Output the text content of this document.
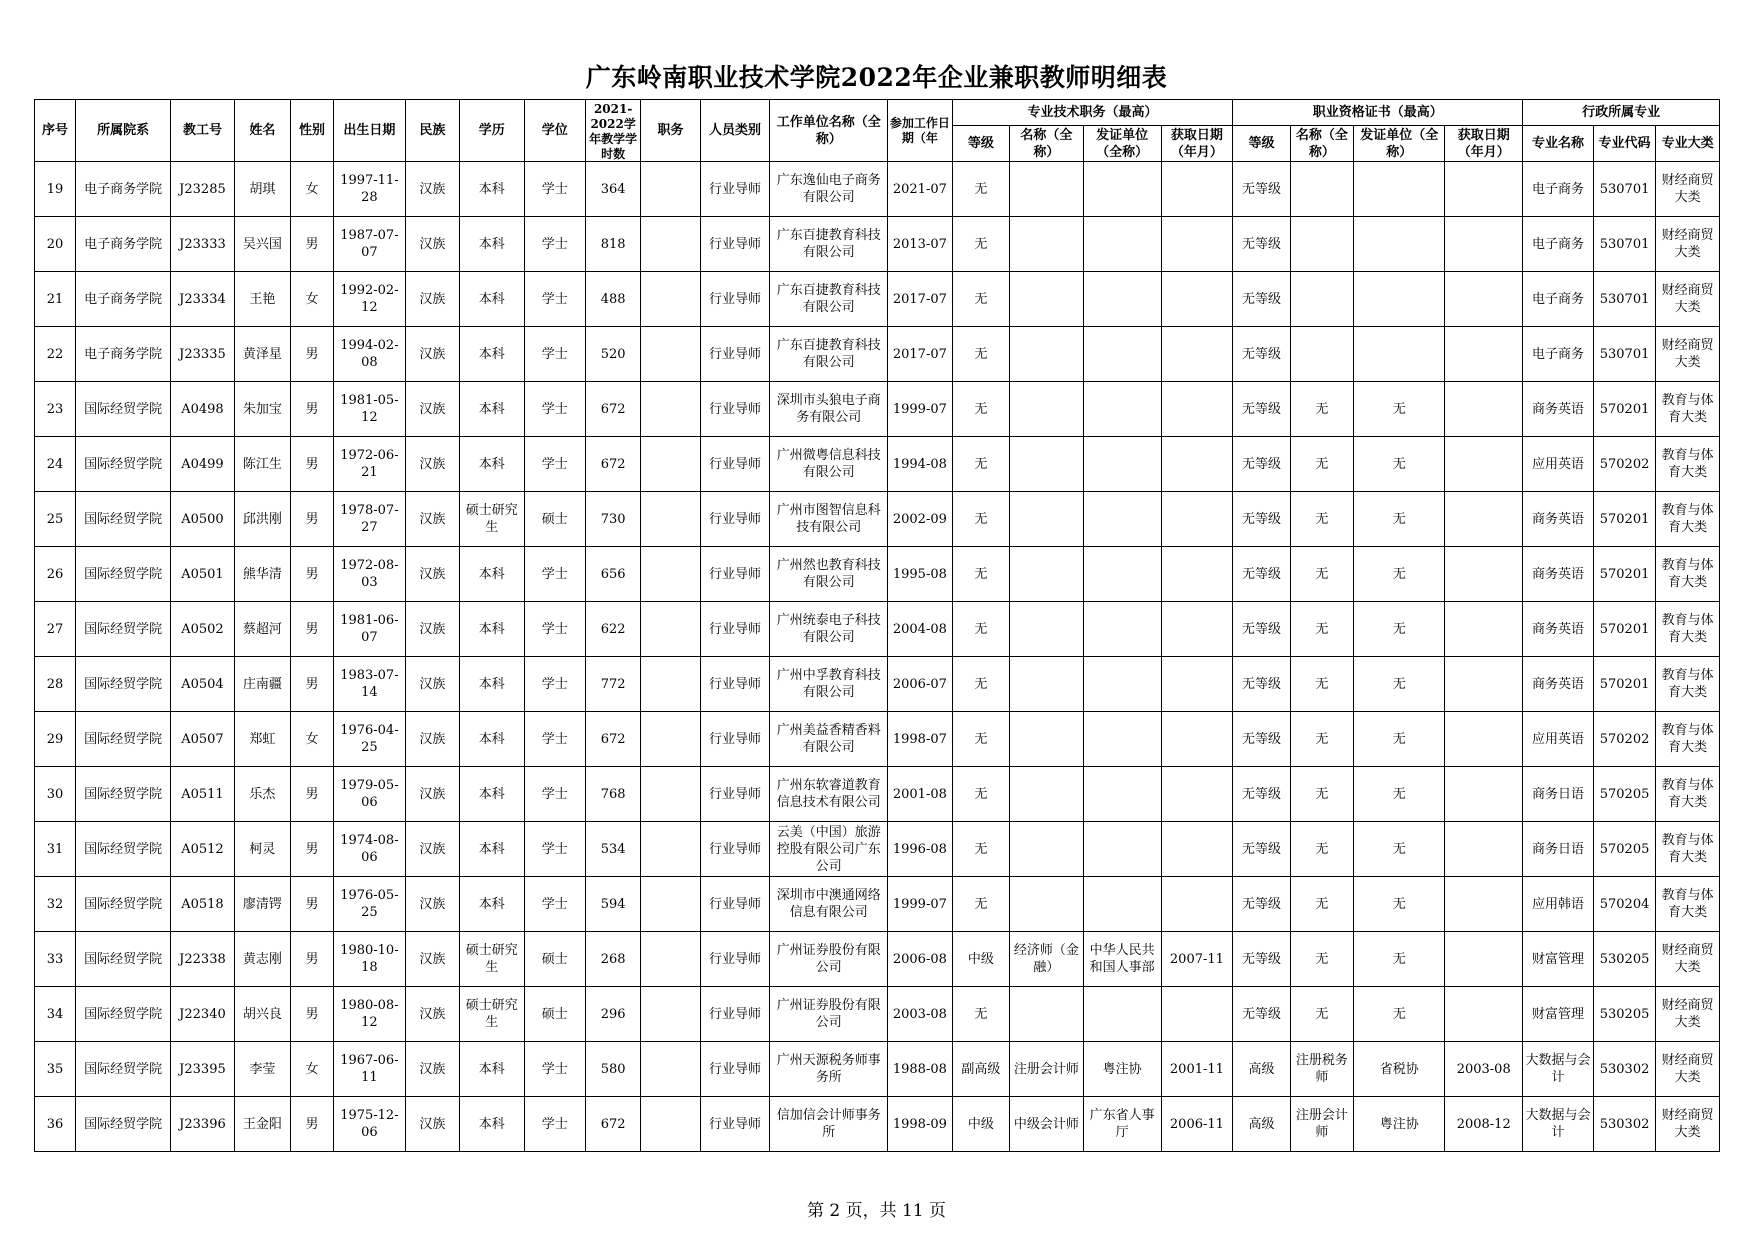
广东岭南职业技术学院2022年企业兼职教师明细表
序号	所属院系	教工号	姓名	性别	出生日期	民族	学历	学位	2021-2022学年教学学时数	职务	人员类别	工作单位名称（全称）	参加工作日期（年	专业技术职务（最高）				职业资格证书（最高）				行政所属专业		
														等级	名称（全称）	发证单位（全称）	获取日期（年月）	等级	名称（全称）	发证单位（全称）	获取日期（年月）	专业名称	专业代码	专业大类

19	电子商务学院	J23285	胡琪	女	1997-11-28	汉族	本科	学士	364		行业导师	广东逸仙电子商务有限公司	2021-07	无				无等级				电子商务	530701	财经商贸大类

20	电子商务学院	J23333	吴兴国	男	1987-07-07	汉族	本科	学士	818		行业导师	广东百捷教育科技有限公司	2013-07	无				无等级				电子商务	530701	财经商贸大类

21	电子商务学院	J23334	王艳	女	1992-02-12	汉族	本科	学士	488		行业导师	广东百捷教育科技有限公司	2017-07	无				无等级				电子商务	530701	财经商贸大类

22	电子商务学院	J23335	黄泽星	男	1994-02-08	汉族	本科	学士	520		行业导师	广东百捷教育科技有限公司	2017-07	无				无等级				电子商务	530701	财经商贸大类

23	国际经贸学院	A0498	朱加宝	男	1981-05-12	汉族	本科	学士	672		行业导师	深圳市头狼电子商务有限公司	1999-07	无				无等级	无	无		商务英语	570201	教育与体育大类

24	国际经贸学院	A0499	陈江生	男	1972-06-21	汉族	本科	学士	672		行业导师	广州微粤信息科技有限公司	1994-08	无				无等级	无	无		应用英语	570202	教育与体育大类

25	国际经贸学院	A0500	邱洪刚	男	1978-07-27	汉族	硕士研究生	硕士	730		行业导师	广州市图智信息科技有限公司	2002-09	无				无等级	无	无		商务英语	570201	教育与体育大类

26	国际经贸学院	A0501	熊华清	男	1972-08-03	汉族	本科	学士	656		行业导师	广州然也教育科技有限公司	1995-08	无				无等级	无	无		商务英语	570201	教育与体育大类

27	国际经贸学院	A0502	蔡超河	男	1981-06-07	汉族	本科	学士	622		行业导师	广州统泰电子科技有限公司	2004-08	无				无等级	无	无		商务英语	570201	教育与体育大类

28	国际经贸学院	A0504	庄南疆	男	1983-07-14	汉族	本科	学士	772		行业导师	广州中孚教育科技有限公司	2006-07	无				无等级	无	无		商务英语	570201	教育与体育大类

29	国际经贸学院	A0507	郑虹	女	1976-04-25	汉族	本科	学士	672		行业导师	广州美益香精香料有限公司	1998-07	无				无等级	无	无		应用英语	570202	教育与体育大类

30	国际经贸学院	A0511	乐杰	男	1979-05-06	汉族	本科	学士	768		行业导师	广州东软睿道教育信息技术有限公司	2001-08	无				无等级	无	无		商务日语	570205	教育与体育大类

31	国际经贸学院	A0512	柯灵	男	1974-08-06	汉族	本科	学士	534		行业导师	云美（中国）旅游控股有限公司广东公司	1996-08	无				无等级	无	无		商务日语	570205	教育与体育大类

32	国际经贸学院	A0518	廖清锷	男	1976-05-25	汉族	本科	学士	594		行业导师	深圳市中澳通网络信息有限公司	1999-07	无				无等级	无	无		应用韩语	570204	教育与体育大类

33	国际经贸学院	J22338	黄志刚	男	1980-10-18	汉族	硕士研究生	硕士	268		行业导师	广州证券股份有限公司	2006-08	中级	经济师（金融）	中华人民共和国人事部	2007-11	无等级	无	无		财富管理	530205	财经商贸大类

34	国际经贸学院	J22340	胡兴良	男	1980-08-12	汉族	硕士研究生	硕士	296		行业导师	广州证券股份有限公司	2003-08	无				无等级	无	无		财富管理	530205	财经商贸大类

35	国际经贸学院	J23395	李莹	女	1967-06-11	汉族	本科	学士	580		行业导师	广州天源税务师事务所	1988-08	副高级	注册会计师	粤注协	2001-11	高级	注册税务师	省税协	2003-08	大数据与会计	530302	财经商贸大类

36	国际经贸学院	J23396	王金阳	男	1975-12-06	汉族	本科	学士	672		行业导师	信加信会计师事务所	1998-09	中级	中级会计师	广东省人事厅	2006-11	高级	注册会计师	粤注协	2008-12	大数据与会计	530302	财经商贸大类
第 2 页，共 11 页
